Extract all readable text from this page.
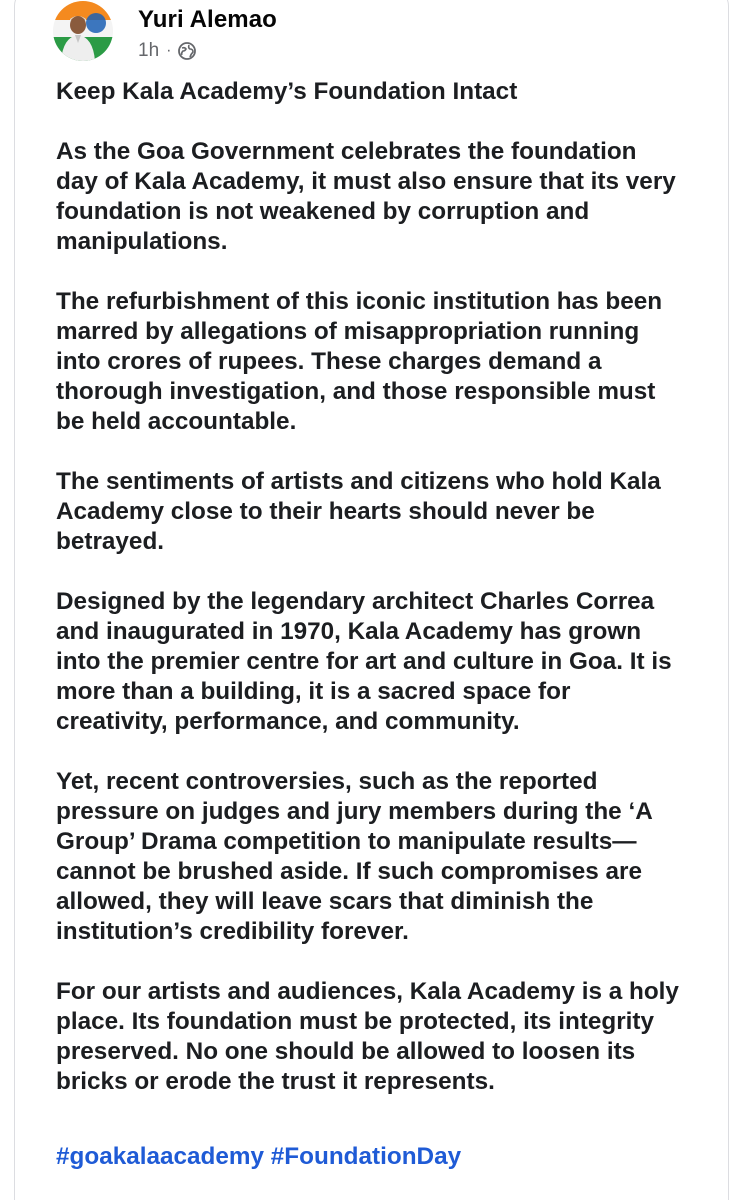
Yuri Alemao
1h ·

Keep Kala Academy’s Foundation Intact

As the Goa Government celebrates the foundation

day of Kala Academy, it must also ensure that its very

foundation is not weakened by corruption and

manipulations.

The refurbishment of this iconic institution has been

marred by allegations of misappropriation running

into crores of rupees. These charges demand a

thorough investigation, and those responsible must

be held accountable.

The sentiments of artists and citizens who hold Kala

Academy close to their hearts should never be

betrayed.

Designed by the legendary architect Charles Correa

and inaugurated in 1970, Kala Academy has grown

into the premier centre for art and culture in Goa. It is

more than a building, it is a sacred space for

creativity, performance, and community.

Yet, recent controversies, such as the reported

pressure on judges and jury members during the ‘A

Group’ Drama competition to manipulate results—

cannot be brushed aside. If such compromises are

allowed, they will leave scars that diminish the

institution’s credibility forever.

For our artists and audiences, Kala Academy is a holy

place. Its foundation must be protected, its integrity

preserved. No one should be allowed to loosen its

bricks or erode the trust it represents.

#goakalaacademy #FoundationDay
